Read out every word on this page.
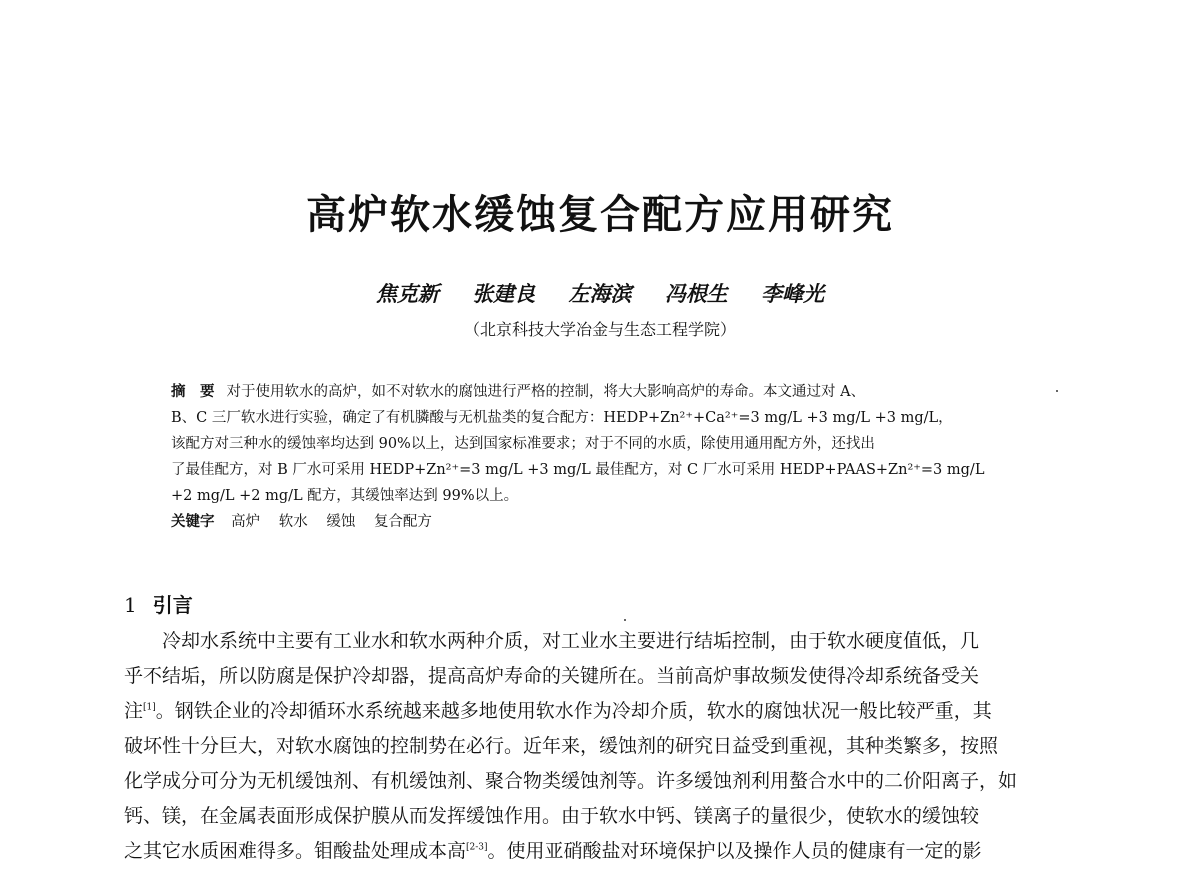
高炉软水缓蚀复合配方应用研究
焦克新 张建良 左海滨 冯根生 李峰光
（北京科技大学冶金与生态工程学院）
摘　要 对于使用软水的高炉，如不对软水的腐蚀进行严格的控制，将大大影响高炉的寿命。本文通过对 A、
B、C 三厂软水进行实验，确定了有机膦酸与无机盐类的复合配方：HEDP+Zn²⁺+Ca²⁺=3 mg/L +3 mg/L +3 mg/L，
该配方对三种水的缓蚀率均达到 90%以上，达到国家标准要求；对于不同的水质，除使用通用配方外，还找出
了最佳配方，对 B 厂水可采用 HEDP+Zn²⁺=3 mg/L +3 mg/L 最佳配方，对 C 厂水可采用 HEDP+PAAS+Zn²⁺=3 mg/L
+2 mg/L +2 mg/L 配方，其缓蚀率达到 99%以上。
关键字 高炉 软水 缓蚀 复合配方
1 引言
冷却水系统中主要有工业水和软水两种介质，对工业水主要进行结垢控制，由于软水硬度值低，几
乎不结垢，所以防腐是保护冷却器，提高高炉寿命的关键所在。当前高炉事故频发使得冷却系统备受关
注[1]。钢铁企业的冷却循环水系统越来越多地使用软水作为冷却介质，软水的腐蚀状况一般比较严重，其
破坏性十分巨大，对软水腐蚀的控制势在必行。近年来，缓蚀剂的研究日益受到重视，其种类繁多，按照
化学成分可分为无机缓蚀剂、有机缓蚀剂、聚合物类缓蚀剂等。许多缓蚀剂利用螯合水中的二价阳离子，如
钙、镁，在金属表面形成保护膜从而发挥缓蚀作用。由于软水中钙、镁离子的量很少，使软水的缓蚀较
之其它水质困难得多。钼酸盐处理成本高[2-3]。使用亚硝酸盐对环境保护以及操作人员的健康有一定的影
